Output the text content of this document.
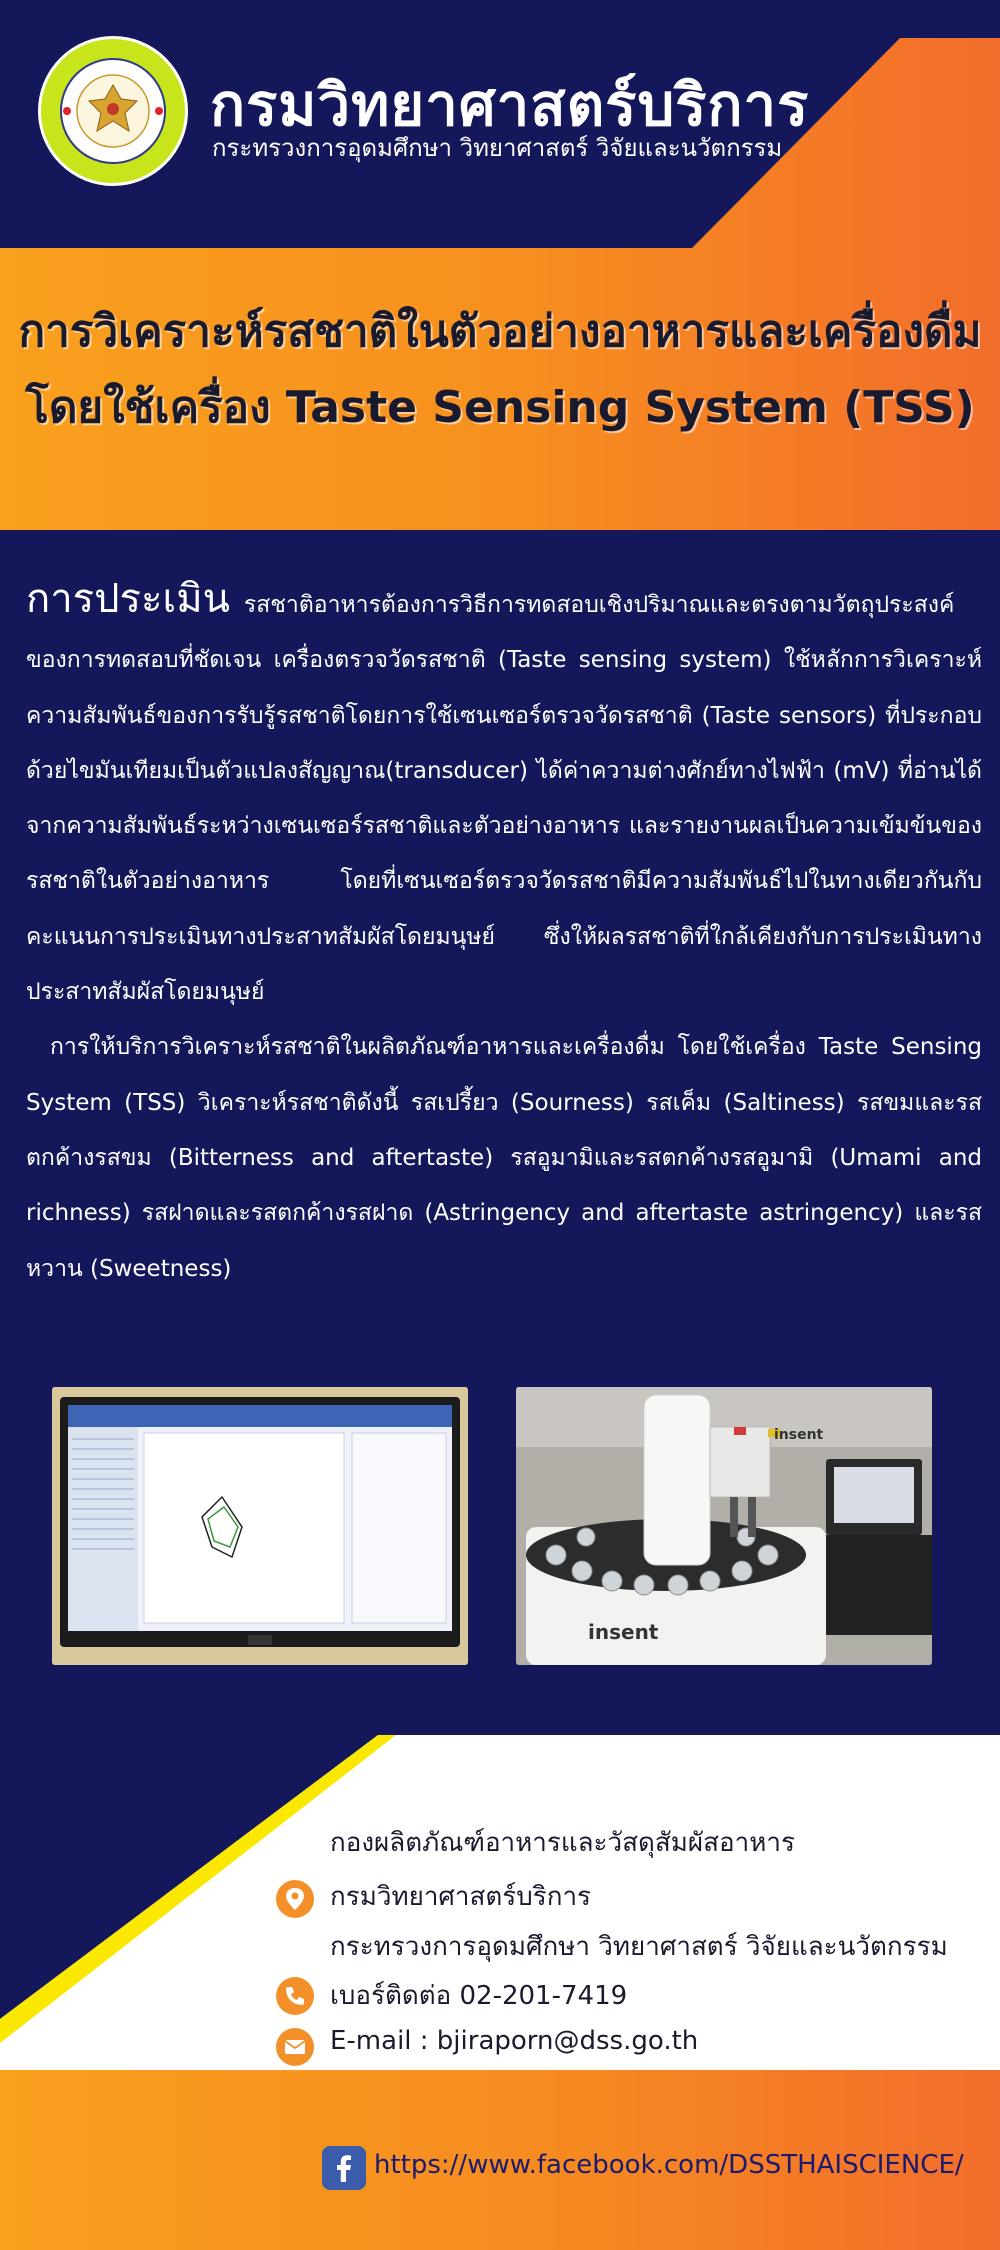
กรมวิทยาศาสตร์บริการ
กระทรวงการอุดมศึกษา วิทยาศาสตร์ วิจัยและนวัตกรรม
การวิเคราะห์รสชาติในตัวอย่างอาหารและเครื่องดื่ม
โดยใช้เครื่อง Taste Sensing System (TSS)

การประเมิน รสชาติอาหารต้องการวิธีการทดสอบเชิงปริมาณและตรงตามวัตถุประสงค์ของการทดสอบที่ชัดเจน เครื่องตรวจวัดรสชาติ (Taste sensing system) ใช้หลักการวิเคราะห์ความสัมพันธ์ของการรับรู้รสชาติโดยการใช้เซนเซอร์ตรวจวัดรสชาติ (Taste sensors) ที่ประกอบด้วยไขมันเทียมเป็นตัวแปลงสัญญาณ(transducer) ได้ค่าความต่างศักย์ทางไฟฟ้า (mV) ที่อ่านได้จากความสัมพันธ์ระหว่างเซนเซอร์รสชาติและตัวอย่างอาหาร และรายงานผลเป็นความเข้มข้นของรสชาติในตัวอย่างอาหาร โดยที่เซนเซอร์ตรวจวัดรสชาติมีความสัมพันธ์ไปในทางเดียวกันกับคะแนนการประเมินทางประสาทสัมผัสโดยมนุษย์ ซึ่งให้ผลรสชาติที่ใกล้เคียงกับการประเมินทางประสาทสัมผัสโดยมนุษย์

การให้บริการวิเคราะห์รสชาติในผลิตภัณฑ์อาหารและเครื่องดื่ม โดยใช้เครื่อง Taste Sensing System (TSS) วิเคราะห์รสชาติดังนี้ รสเปรี้ยว (Sourness) รสเค็ม (Saltiness) รสขมและรสตกค้างรสขม (Bitterness and aftertaste) รสอูมามิและรสตกค้างรสอูมามิ (Umami and richness) รสฝาดและรสตกค้างรสฝาด (Astringency and aftertaste astringency) และรสหวาน (Sweetness)

insent
insent
กองผลิตภัณฑ์อาหารและวัสดุสัมผัสอาหาร
กรมวิทยาศาสตร์บริการ
กระทรวงการอุดมศึกษา วิทยาศาสตร์ วิจัยและนวัตกรรม
เบอร์ติดต่อ 02-201-7419
E-mail : bjiraporn@dss.go.th
https://www.facebook.com/DSSTHAISCIENCE/
